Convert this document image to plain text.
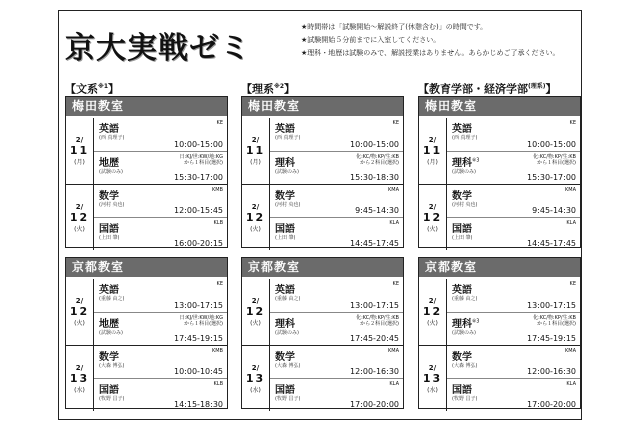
京大実戦ゼミ
★時間帯は「試験開始〜解説終了(休憩含む)」の時間です。
★試験開始５分前までに入室してください。
★理科・地歴は試験のみで、解説授業はありません。あらかじめご了承ください。
【文系$^{※1}$】
梅田教室
2/
11
(月)
英語
(西 真理子)
KE

10:00-15:00
地歴
(試験のみ)
日:KJ/世:KW/地:KG
から１科目(選択)
15:30-17:00
2/
12
(火)
数学
(河村 央也)
KMB

12:00-15:45
国語
(上田 肇)
KLB

16:00-20:15
京都教室
2/
12
(火)
英語
(重藤 由之)
KE

13:00-17:15
地歴
(試験のみ)
日:KJ/世:KW/地:KG
から１科目(選択)
17:45-19:15
2/
13
(水)
数学
(大森 博弘)
KMB

10:00-10:45
国語
(牧野 昌子)
KLB

14:15-18:30
【理系$^{※2}$】
梅田教室
2/
11
(月)
英語
(西 真理子)
KE

10:00-15:00
理科
(試験のみ)
化:KC/物:KP/生:KB
から２科目(選択)
15:30-18:30
2/
12
(火)
数学
(河村 央也)
KMA

9:45-14:30
国語
(上田 肇)
KLA

14:45-17:45
京都教室
2/
12
(火)
英語
(重藤 由之)
KE

13:00-17:15
理科
(試験のみ)
化:KC/物:KP/生:KB
から２科目(選択)
17:45-20:45
2/
13
(水)
数学
(大森 博弘)
KMA

12:00-16:30
国語
(牧野 昌子)
KLA

17:00-20:00
【教育学部・経済学部$^{(理系)}$】
梅田教室
2/
11
(月)
英語
(西 真理子)
KE

10:00-15:00
理科$^{※3}$
(試験のみ)
化:KC/物:KP/生:KB
から１科目(選択)
15:30-17:00
2/
12
(火)
数学
(河村 央也)
KMA

9:45-14:30
国語
(上田 肇)
KLA

14:45-17:45
京都教室
2/
12
(火)
英語
(重藤 由之)
KE

13:00-17:15
理科$^{※3}$
(試験のみ)
化:KC/物:KP/生:KB
から１科目(選択)
17:45-19:15
2/
13
(水)
数学
(大森 博弘)
KMA

12:00-16:30
国語
(牧野 昌子)
KLA

17:00-20:00
